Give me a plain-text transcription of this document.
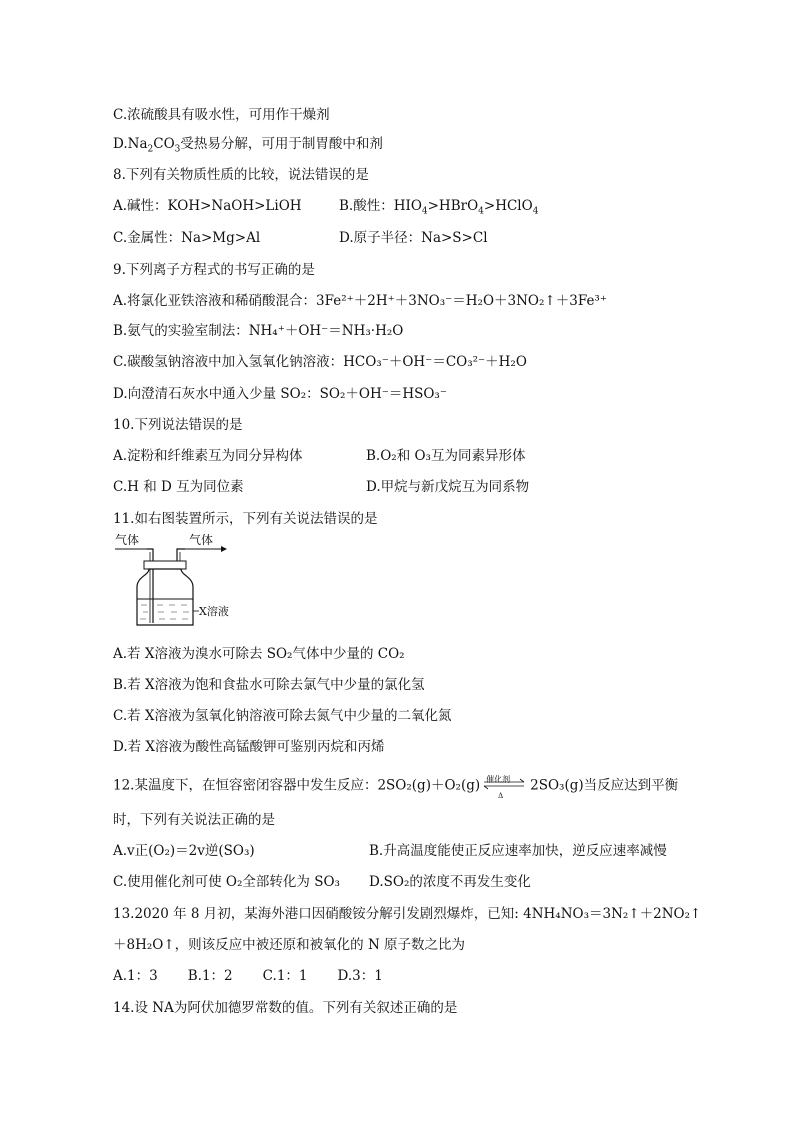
C.浓硫酸具有吸水性，可用作干燥剂
$D.Na_2CO_3$受热易分解，可用于制胃酸中和剂
8.下列有关物质性质的比较，说法错误的是
A.碱性：KOH>NaOH>LiOH	B.酸性：$HIO_4>HBrO_4>HClO_4$
C.金属性：Na>Mg>Al	D.原子半径：Na>S>Cl
9.下列离子方程式的书写正确的是
A.将氯化亚铁溶液和稀硝酸混合：3Fe²⁺＋2H⁺＋3NO₃⁻＝H₂O＋3NO₂↑＋3Fe³⁺
B.氨气的实验室制法：NH₄⁺＋OH⁻＝NH₃·H₂O
C.碳酸氢钠溶液中加入氢氧化钠溶液：HCO₃⁻＋OH⁻＝CO₃²⁻＋H₂O
D.向澄清石灰水中通入少量 SO₂：SO₂＋OH⁻＝HSO₃⁻
10.下列说法错误的是
A.淀粉和纤维素互为同分异构体	B.O₂和 O₃互为同素异形体
C.H 和 D 互为同位素	D.甲烷与新戊烷互为同系物
11.如右图装置所示，下列有关说法错误的是
气体	气体
X溶液
A.若 X溶液为溴水可除去 SO₂气体中少量的 CO₂
B.若 X溶液为饱和食盐水可除去氯气中少量的氯化氢
C.若 X溶液为氢氧化钠溶液可除去氮气中少量的二氧化氮
D.若 X溶液为酸性高锰酸钾可鉴别丙烷和丙烯
12.某温度下，在恒容密闭容器中发生反应：2SO₂(g)＋O₂(g) 催化剂
Δ
2SO₃(g)当反应达到平衡
时，下列有关说法正确的是
A.v正(O₂)＝2v逆(SO₃)	B.升高温度能使正反应速率加快，逆反应速率减慢
C.使用催化剂可使 O₂全部转化为 SO₃ D.SO₂的浓度不再发生变化
13.2020 年 8 月初，某海外港口因硝酸铵分解引发剧烈爆炸，已知: 4NH₄NO₃＝3N₂↑＋2NO₂↑
＋8H₂O↑，则该反应中被还原和被氧化的 N 原子数之比为
A.1：3       B.1：2       C.1：1       D.3：1
14.设 NA为阿伏加德罗常数的值。下列有关叙述正确的是
